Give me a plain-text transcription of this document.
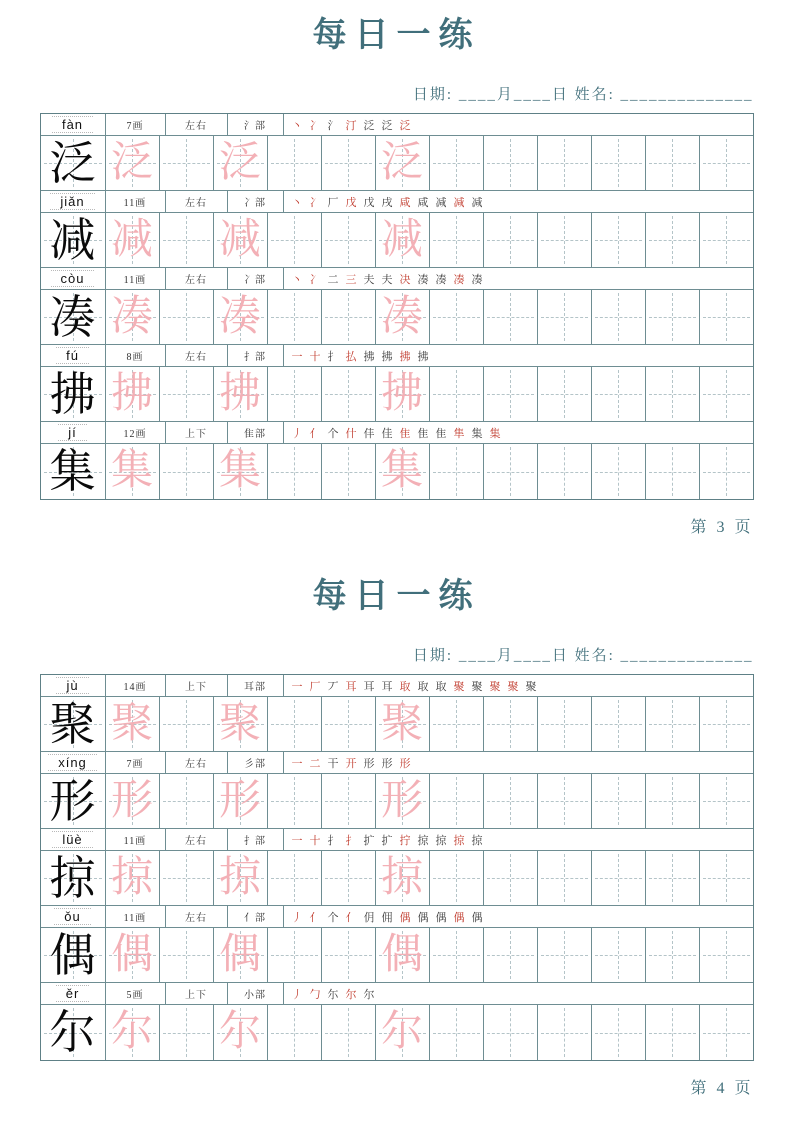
每日一练
日期: ____月____日 姓名: ______________
fàn	7画	左右	氵部	丶 冫 氵 汀 泛 泛 泛
泛 泛 泛	泛
jiǎn	11画	左右	冫部	丶 冫 厂 戊 戊 戌 咸 咸 减 减 减
减 减 减	减
còu	11画	左右	冫部	丶 冫 二 三 夫 夫 决 凑 凑 凑 凑
凑 凑 凑	凑
fú	8画	左右	扌部	一 十 扌 払 拂 拂 拂 拂
拂 拂 拂	拂
jí	12画	上下	隹部	丿 亻 个 什 仹 佳 隹 隹 隹 隼 集 集
集 集 集	集
第 3 页
每日一练
日期: ____月____日 姓名: ______________
jù	14画	上下	耳部	一 厂 丆 耳 耳 耳 取 取 取 聚 聚 聚 聚 聚
聚 聚 聚	聚
xíng	7画	左右	彡部	一 二 干 开 形 形 形
形 形 形	形
lüè	11画	左右	扌部	一 十 扌 扌 扩 扩 拧 掠 掠 掠 掠
掠 掠 掠	掠
ǒu	11画	左右	亻部	丿 亻 个 亻 仴 佣 偶 偶 偶 偶 偶
偶 偶 偶	偶
ěr	5画	上下	小部	丿 勹 尓 尔 尔
尔 尔 尔	尔
第 4 页
